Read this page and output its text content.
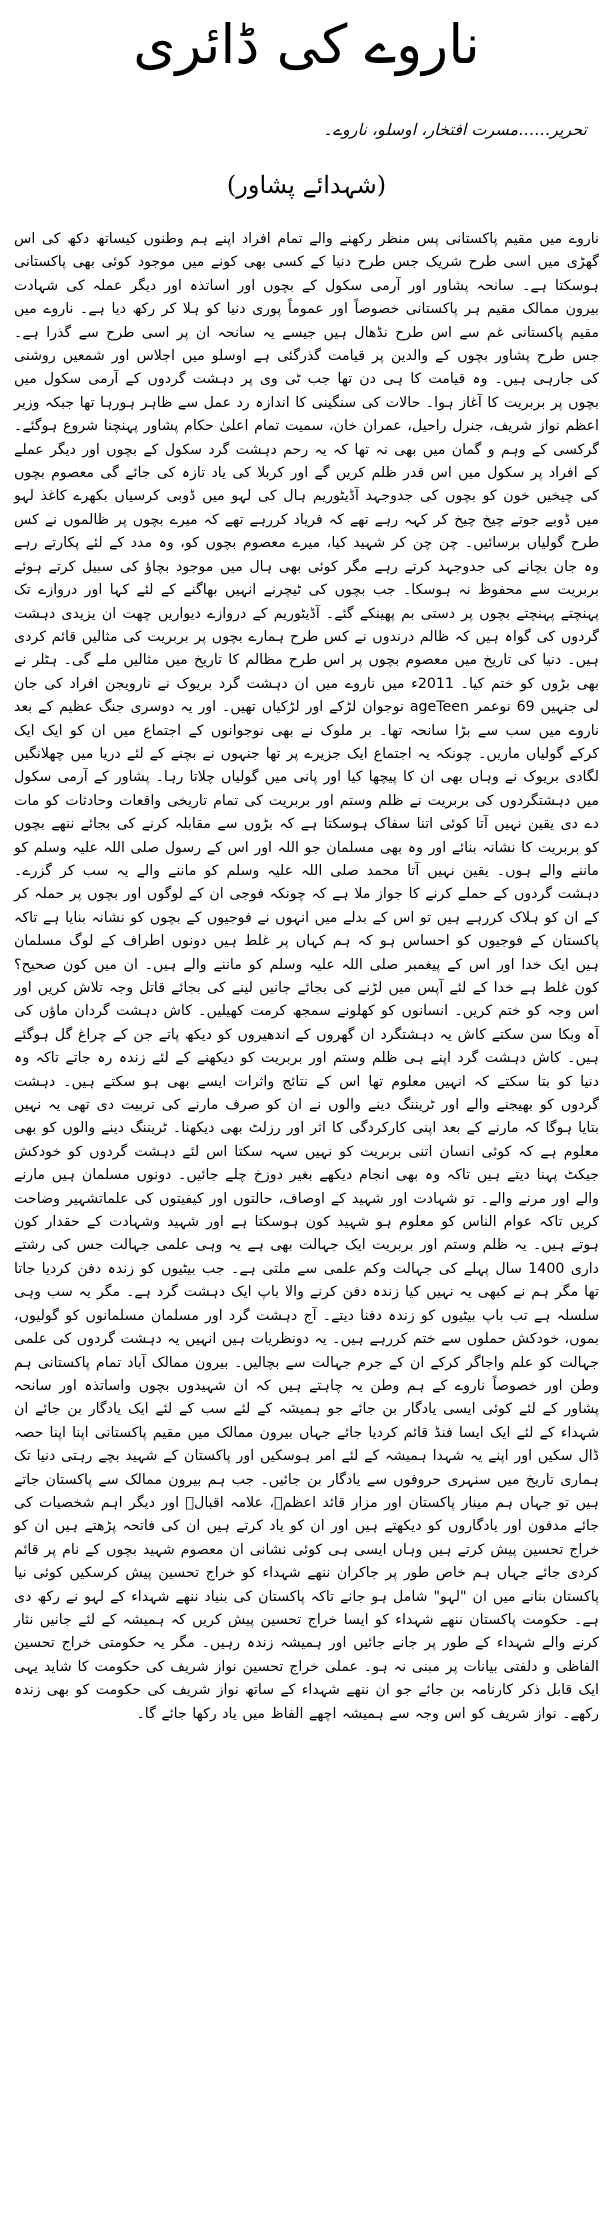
ناروے کی ڈائری
تحریر……مسرت افتخار، اوسلو، ناروے۔
(شہدائے پشاور)
ناروے میں مقیم پاکستانی پس منظر رکھنے والے تمام افراد اپنے ہم وطنوں کیساتھ دکھ کی اس گھڑی میں اسی طرح شریک جس طرح دنیا کے کسی بھی کونے میں موجود کوئی بھی پاکستانی ہوسکتا ہے۔ سانحہ پشاور اور آرمی سکول کے بچوں اور اساتذہ اور دیگر عملہ کی شہادت بیرون ممالک مقیم ہر پاکستانی خصوصاً اور عموماً پوری دنیا کو ہلا کر رکھ دیا ہے۔ ناروے میں مقیم پاکستانی غم سے اس طرح نڈھال ہیں جیسے یہ سانحہ ان پر اسی طرح سے گذرا ہے۔ جس طرح پشاور بچوں کے والدین پر قیامت گذرگئی ہے اوسلو میں اجلاس اور شمعیں روشنی کی جارہی ہیں۔ وہ قیامت کا ہی دن تھا جب ٹی وی پر دہشت گردوں کے آرمی سکول میں بچوں پر بربریت کا آغاز ہوا۔ حالات کی سنگینی کا اندازہ رد عمل سے ظاہر ہورہا تھا جبکہ وزیر اعظم نواز شریف، جنرل راحیل، عمران خان، سمیت تمام اعلیٰ حکام پشاور پہنچنا شروع ہوگئے۔ گرکسی کے وہم و گمان میں بھی نہ تھا کہ یہ رحم دہشت گرد سکول کے بچوں اور دیگر عملے کے افراد پر سکول میں اس قدر ظلم کریں گے اور کربلا کی یاد تازہ کی جائے گی معصوم بچوں کی چیخیں خون کو بچوں کی جدوجہد آڈیٹوریم ہال کی لہو میں ڈوبی کرسیاں بکھرے کاغذ لہو میں ڈوبے جوتے چیخ چیخ کر کہہ رہے تھے کہ فریاد کررہے تھے کہ میرے بچوں پر ظالموں نے کس طرح گولیاں برسائیں۔ چن چن کر شہید کیا، میرے معصوم بچوں کو، وہ مدد کے لئے پکارتے رہے وہ جان بچانے کی جدوجہد کرتے رہے مگر کوئی بھی ہال میں موجود بچاؤ کی سبیل کرتے ہوئے بربریت سے محفوظ نہ ہوسکا۔ جب بچوں کی ٹیچرنے انہیں بھاگنے کے لئے کہا اور دروازے تک پہنچتے پہنچتے بچوں پر دستی بم پھینکے گئے۔ آڈیٹوریم کے دروازے دیواریں چھت ان یزیدی دہشت گردوں کی گواہ ہیں کہ ظالم درندوں نے کس طرح ہمارے بچوں پر بربریت کی مثالیں قائم کردی ہیں۔ دنیا کی تاریخ میں معصوم بچوں پر اس طرح مظالم کا تاریخ میں مثالیں ملے گی۔ ہٹلر نے بھی بڑوں کو ختم کیا۔ 2011ء میں ناروے میں ان دہشت گرد بریوک نے نارویجن افراد کی جان لی جنہیں 69 نوعمر ageTeen نوجوان لڑکے اور لڑکیاں تھیں۔ اور یہ دوسری جنگ عظیم کے بعد ناروے میں سب سے بڑا سانحہ تھا۔ بر ملوک نے بھی نوجوانوں کے اجتماع میں ان کو ایک ایک کرکے گولیاں ماریں۔ چونکہ یہ اجتماع ایک جزیرے پر تھا جنہوں نے بچنے کے لئے دریا میں چھلانگیں لگادی بریوک نے وہاں بھی ان کا پیچھا کیا اور پانی میں گولیاں چلاتا رہا۔ پشاور کے آرمی سکول میں دہشتگردوں کی بربریت نے ظلم وستم اور بربریت کی تمام تاریخی واقعات وحادثات کو مات دے دی یقین نہیں آتا کوئی اتنا سفاک ہوسکتا ہے کہ بڑوں سے مقابلہ کرنے کی بجائے ننھے بچوں کو بربریت کا نشانہ بنائے اور وہ بھی مسلمان جو اللہ اور اس کے رسول صلی اللہ علیہ وسلم کو ماننے والے ہوں۔ یقین نہیں آتا محمد صلی اللہ علیہ وسلم کو ماننے والے یہ سب کر گزرے۔ دہشت گردوں کے حملے کرنے کا جواز ملا ہے کہ چونکہ فوجی ان کے لوگوں اور بچوں پر حملہ کر کے ان کو ہلاک کررہے ہیں تو اس کے بدلے میں انہوں نے فوجیوں کے بچوں کو نشانہ بنایا ہے تاکہ پاکستان کے فوجیوں کو احساس ہو کہ ہم کہاں پر غلط ہیں دونوں اطراف کے لوگ مسلمان ہیں ایک خدا اور اس کے پیغمبر صلی اللہ علیہ وسلم کو ماننے والے ہیں۔ ان میں کون صحیح؟ کون غلط ہے خدا کے لئے آپس میں لڑنے کی بجائے جانیں لینے کی بجائے قاتل وجہ تلاش کریں اور اس وجہ کو ختم کریں۔ انسانوں کو کھلونے سمجھ کرمت کھیلیں۔ کاش دہشت گردان ماؤں کی آہ وبکا سن سکتے کاش یہ دہشتگرد ان گھروں کے اندھیروں کو دیکھ پاتے جن کے چراغ گل ہوگئے ہیں۔ کاش دہشت گرد اپنے ہی ظلم وستم اور بربریت کو دیکھنے کے لئے زندہ رہ جاتے تاکہ وہ دنیا کو بتا سکتے کہ انہیں معلوم تھا اس کے نتائج واثرات ایسے بھی ہو سکتے ہیں۔ دہشت گردوں کو بھیجنے والے اور ٹریننگ دینے والوں نے ان کو صرف مارنے کی تربیت دی تھی یہ نہیں بتایا ہوگا کہ مارنے کے بعد اپنی کارکردگی کا اثر اور رزلٹ بھی دیکھنا۔ ٹریننگ دینے والوں کو بھی معلوم ہے کہ کوئی انسان اتنی بربریت کو نہیں سہہ سکتا اس لئے دہشت گردوں کو خودکش جیکٹ پہنا دیتے ہیں تاکہ وہ بھی انجام دیکھے بغیر دوزخ چلے جائیں۔ دونوں مسلمان ہیں مارنے والے اور مرنے والے۔ تو شہادت اور شہید کے اوصاف، حالتوں اور کیفیتوں کی علماتشہیر وضاحت کریں تاکہ عوام الناس کو معلوم ہو شہید کون ہوسکتا ہے اور شہید وشہادت کے حقدار کون ہوتے ہیں۔ یہ ظلم وستم اور بربریت ایک جہالت بھی ہے یہ وہی علمی جہالت جس کی رشتے داری 1400 سال پہلے کی جہالت وکم علمی سے ملتی ہے۔ جب بیٹیوں کو زندہ دفن کردیا جاتا تھا مگر ہم نے کبھی یہ نہیں کیا زندہ دفن کرنے والا باپ ایک دہشت گرد ہے۔ مگر یہ سب وہی سلسلہ ہے تب باپ بیٹیوں کو زندہ دفنا دیتے۔ آج دہشت گرد اور مسلمان مسلمانوں کو گولیوں، بموں، خودکش حملوں سے ختم کررہے ہیں۔ یہ دونظریات ہیں انہیں یہ دہشت گردوں کی علمی جہالت کو علم واجاگر کرکے ان کے جرم جہالت سے بچالیں۔ بیرون ممالک آباد تمام پاکستانی ہم وطن اور خصوصاً ناروے کے ہم وطن یہ چاہتے ہیں کہ ان شہیدوں بچوں واساتذہ اور سانحہ پشاور کے لئے کوئی ایسی یادگار بن جائے جو ہمیشہ کے لئے سب کے لئے ایک یادگار بن جائے ان شہداء کے لئے ایک ایسا فنڈ قائم کردیا جائے جہاں بیرون ممالک میں مقیم پاکستانی اپنا اپنا حصہ ڈال سکیں اور اپنے یہ شہدا ہمیشہ کے لئے امر ہوسکیں اور پاکستان کے شہید بچے رہتی دنیا تک ہماری تاریخ میں سنہری حروفوں سے یادگار بن جائیں۔ جب ہم بیرون ممالک سے پاکستان جاتے ہیں تو جہاں ہم مینار پاکستان اور مزار قائد اعظمؒ، علامہ اقبالؒ اور دیگر اہم شخصیات کی جائے مدفون اور یادگاروں کو دیکھتے ہیں اور ان کو یاد کرتے ہیں ان کی فاتحہ پڑھتے ہیں ان کو خراج تحسین پیش کرتے ہیں وہاں ایسی ہی کوئی نشانی ان معصوم شہید بچوں کے نام پر قائم کردی جائے جہاں ہم خاص طور پر جاکران ننھے شہداء کو خراج تحسین پیش کرسکیں کوئی نیا پاکستان بنانے میں ان "لہو" شامل ہو جانے تاکہ پاکستان کی بنیاد ننھے شہداء کے لہو نے رکھ دی ہے۔ حکومت پاکستان ننھے شہداء کو ایسا خراج تحسین پیش کریں کہ ہمیشہ کے لئے جانیں نثار کرنے والے شہداء کے طور پر جانے جائیں اور ہمیشہ زندہ رہیں۔ مگر یہ حکومتی خراج تحسین الفاظی و دلفتی بیانات پر مبنی نہ ہو۔ عملی خراج تحسین نواز شریف کی حکومت کا شاید یہی ایک قابل ذکر کارنامہ بن جائے جو ان ننھے شہداء کے ساتھ نواز شریف کی حکومت کو بھی زندہ رکھے۔ نواز شریف کو اس وجہ سے ہمیشہ اچھے الفاظ میں یاد رکھا جائے گا۔
